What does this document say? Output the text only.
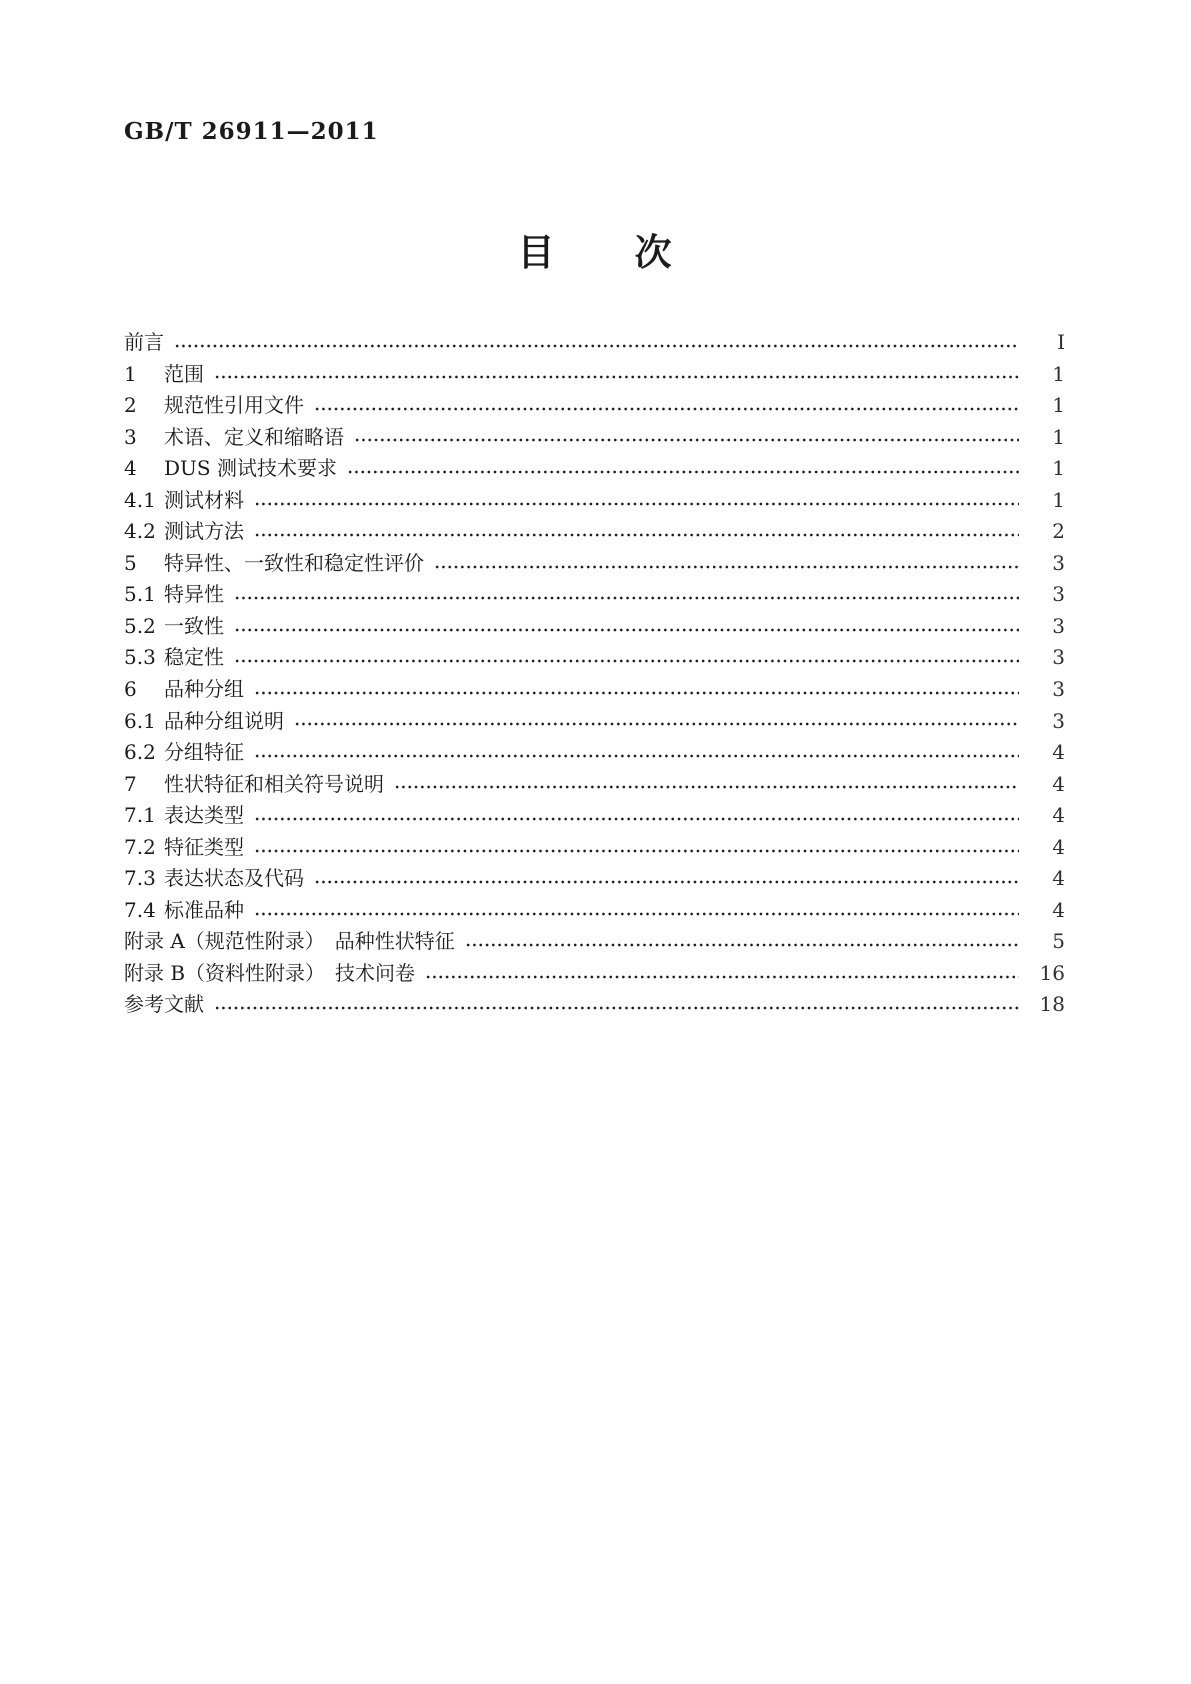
GB/T 26911—2011
目　　次
前言	Ⅰ
1	范围	1
2	规范性引用文件	1
3	术语、定义和缩略语	1
4	DUS 测试技术要求	1
4.1 测试材料	1
4.2 测试方法	2
5	特异性、一致性和稳定性评价	3
5.1 特异性	3
5.2 一致性	3
5.3 稳定性	3
6	品种分组	3
6.1 品种分组说明	3
6.2 分组特征	4
7	性状特征和相关符号说明	4
7.1 表达类型	4
7.2 特征类型	4
7.3 表达状态及代码	4
7.4 标准品种	4
附录 A（规范性附录）　品种性状特征	5
附录 B（资料性附录）　技术问卷	16
参考文献	18
